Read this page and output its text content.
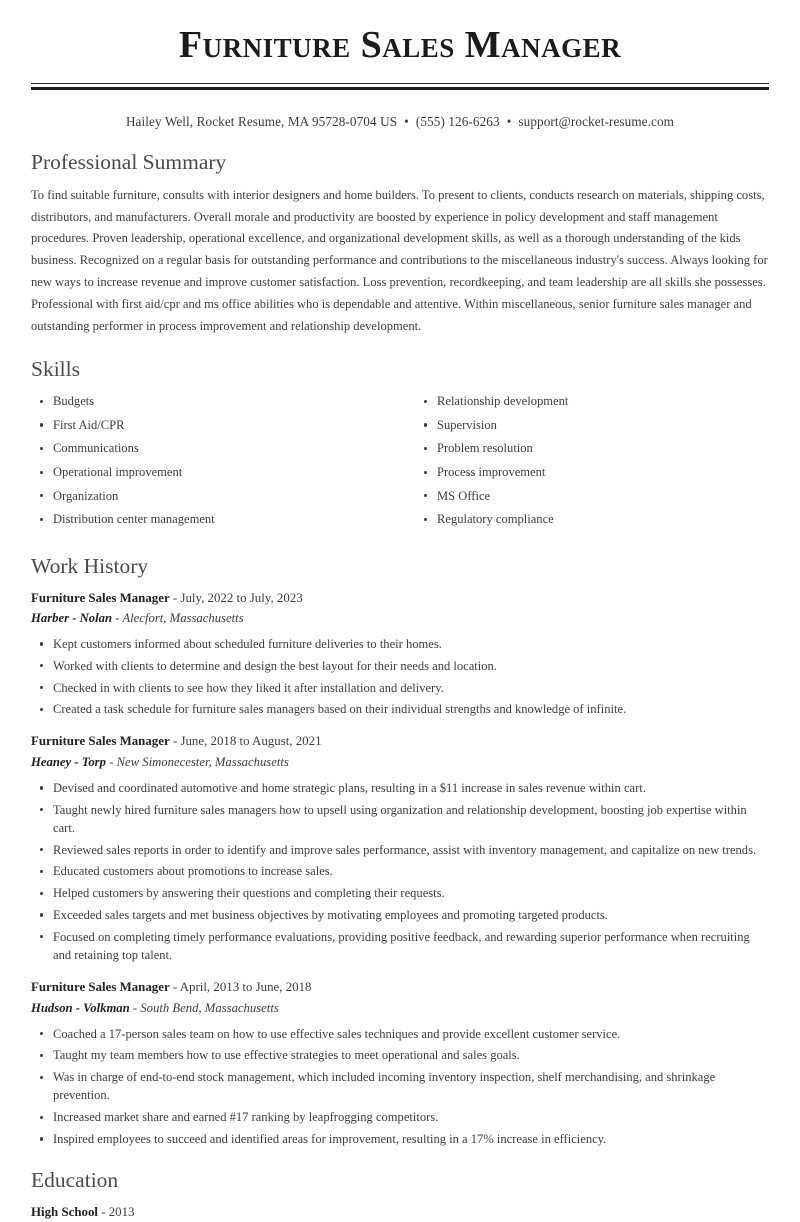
Furniture Sales Manager
Hailey Well, Rocket Resume, MA 95728-0704 US • (555) 126-6263 • support@rocket-resume.com
Professional Summary

To find suitable furniture, consults with interior designers and home builders. To present to clients, conducts research on materials, shipping costs, distributors, and manufacturers. Overall morale and productivity are boosted by experience in policy development and staff management procedures. Proven leadership, operational excellence, and organizational development skills, as well as a thorough understanding of the kids business. Recognized on a regular basis for outstanding performance and contributions to the miscellaneous industry's success. Always looking for new ways to increase revenue and improve customer satisfaction. Loss prevention, recordkeeping, and team leadership are all skills she possesses. Professional with first aid/cpr and ms office abilities who is dependable and attentive. Within miscellaneous, senior furniture sales manager and outstanding performer in process improvement and relationship development.

Skills
Budgets
First Aid/CPR
Communications
Operational improvement
Organization
Distribution center management
Relationship development
Supervision
Problem resolution
Process improvement
MS Office
Regulatory compliance
Work History
Furniture Sales Manager - July, 2022 to July, 2023
Harber - Nolan - Alecfort, Massachusetts
Kept customers informed about scheduled furniture deliveries to their homes.
Worked with clients to determine and design the best layout for their needs and location.
Checked in with clients to see how they liked it after installation and delivery.
Created a task schedule for furniture sales managers based on their individual strengths and knowledge of infinite.
Furniture Sales Manager - June, 2018 to August, 2021
Heaney - Torp - New Simonecester, Massachusetts
Devised and coordinated automotive and home strategic plans, resulting in a $11 increase in sales revenue within cart.
Taught newly hired furniture sales managers how to upsell using organization and relationship development, boosting job expertise within cart.
Reviewed sales reports in order to identify and improve sales performance, assist with inventory management, and capitalize on new trends.
Educated customers about promotions to increase sales.
Helped customers by answering their questions and completing their requests.
Exceeded sales targets and met business objectives by motivating employees and promoting targeted products.
Focused on completing timely performance evaluations, providing positive feedback, and rewarding superior performance when recruiting and retaining top talent.
Furniture Sales Manager - April, 2013 to June, 2018
Hudson - Volkman - South Bend, Massachusetts
Coached a 17-person sales team on how to use effective sales techniques and provide excellent customer service.
Taught my team members how to use effective strategies to meet operational and sales goals.
Was in charge of end-to-end stock management, which included incoming inventory inspection, shelf merchandising, and shrinkage prevention.
Increased market share and earned #17 ranking by leapfrogging competitors.
Inspired employees to succeed and identified areas for improvement, resulting in a 17% increase in efficiency.
Education
High School - 2013
